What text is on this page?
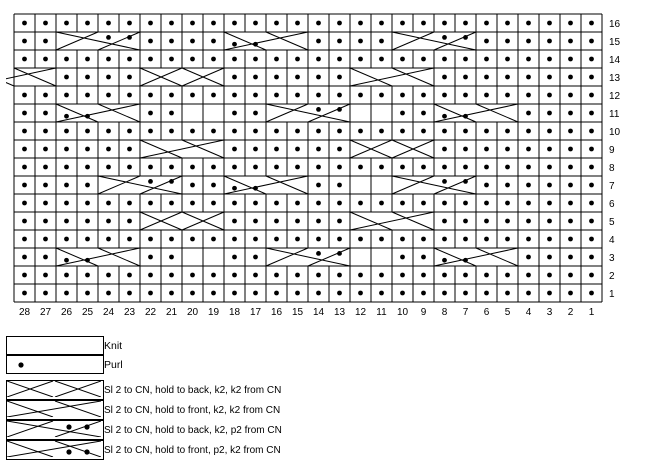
16
15
14
13
12
11
10
9
8
7
6
5
4
3
2
1
28 27 26 25 24 23 22 21 20 19 18 17 16 15 14 13 12 11 10 9 8 7 6 5 4 3 2 1
	Knit

	Purl

	Sl 2 to CN, hold to back, k2, k2 from CN

	Sl 2 to CN, hold to front, k2, k2 from CN

	Sl 2 to CN, hold to back, k2, p2 from CN

	Sl 2 to CN, hold to front, p2, k2 from CN
